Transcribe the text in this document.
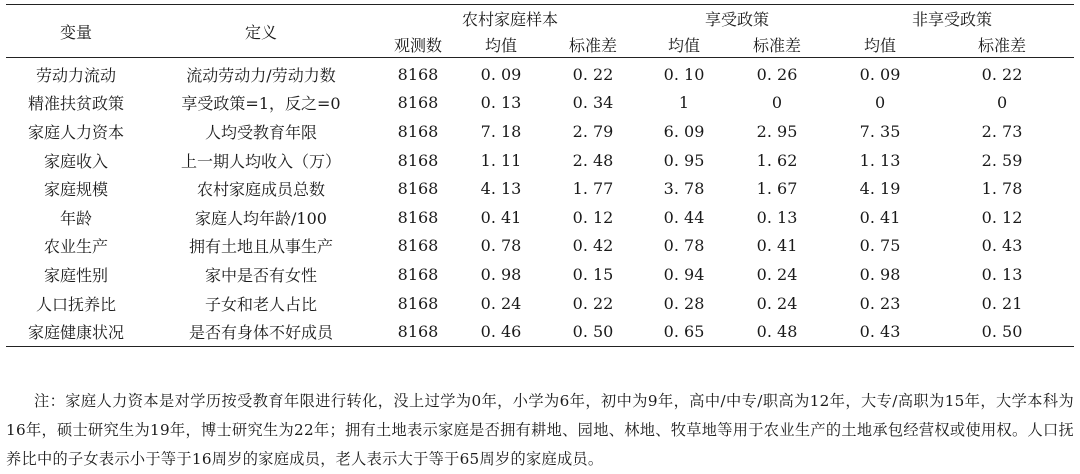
变量	定义	农村家庭样本			享受政策		非享受政策	
		观测数	均值	标准差	均值	标准差	均值	标准差
劳动力流动	流动劳动力/劳动力数	8168	0. 09	0. 22	0. 10	0. 26	0. 09	0. 22
精准扶贫政策	享受政策=1，反之=0	8168	0. 13	0. 34	1	0	0	0
家庭人力资本	人均受教育年限	8168	7. 18	2. 79	6. 09	2. 95	7. 35	2. 73
家庭收入	上一期人均收入（万）	8168	1. 11	2. 48	0. 95	1. 62	1. 13	2. 59
家庭规模	农村家庭成员总数	8168	4. 13	1. 77	3. 78	1. 67	4. 19	1. 78
年龄	家庭人均年龄/100	8168	0. 41	0. 12	0. 44	0. 13	0. 41	0. 12
农业生产	拥有土地且从事生产	8168	0. 78	0. 42	0. 78	0. 41	0. 75	0. 43
家庭性别	家中是否有女性	8168	0. 98	0. 15	0. 94	0. 24	0. 98	0. 13
人口抚养比	子女和老人占比	8168	0. 24	0. 22	0. 28	0. 24	0. 23	0. 21
家庭健康状况	是否有身体不好成员	8168	0. 46	0. 50	0. 65	0. 48	0. 43	0. 50

注：家庭人力资本是对学历按受教育年限进行转化，没上过学为0年，小学为6年，初中为9年，高中/中专/职高为12年，大专/高职为15年，大学本科为16年，硕士研究生为19年，博士研究生为22年；拥有土地表示家庭是否拥有耕地、园地、林地、牧草地等用于农业生产的土地承包经营权或使用权。人口抚养比中的子女表示小于等于16周岁的家庭成员，老人表示大于等于65周岁的家庭成员。
